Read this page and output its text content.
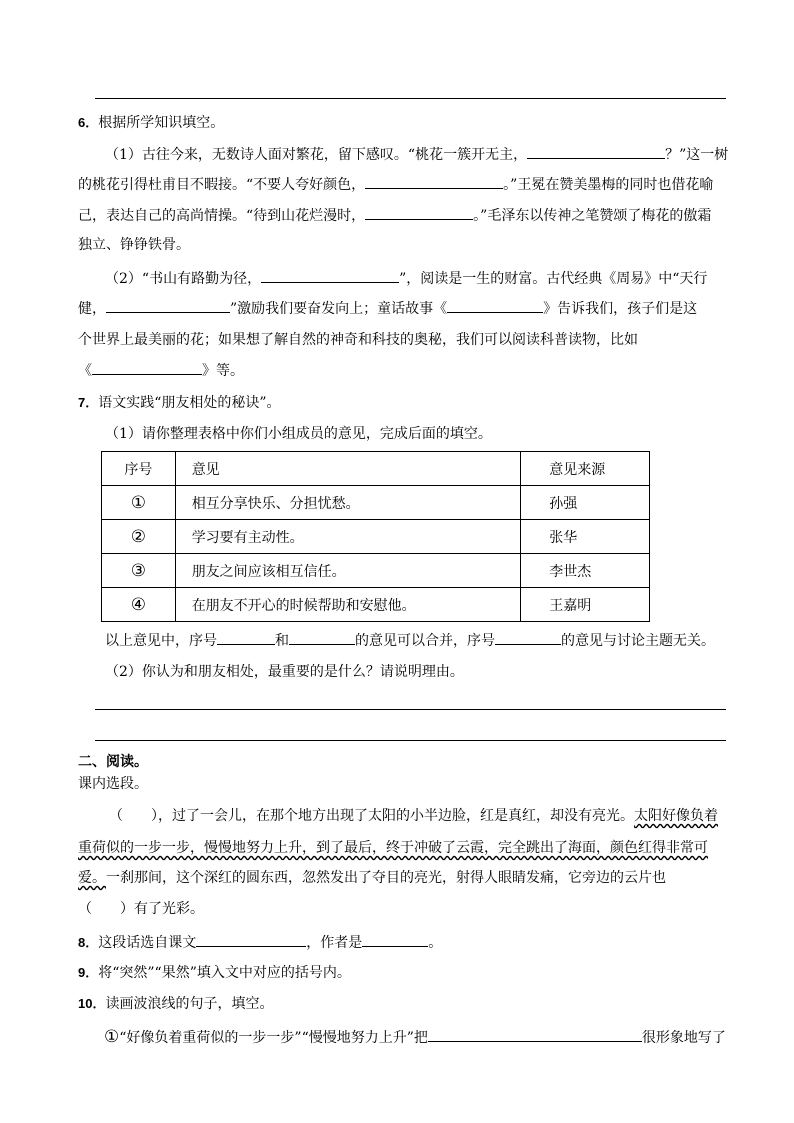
6．根据所学知识填空。
（1）古往今来，无数诗人面对繁花，留下感叹。“桃花一簇开无主，	？”这一树
的桃花引得杜甫目不暇接。“不要人夸好颜色，	。”王冕在赞美墨梅的同时也借花喻
己，表达自己的高尚情操。“待到山花烂漫时，	。”毛泽东以传神之笔赞颂了梅花的傲霜
独立、铮铮铁骨。
（2）“书山有路勤为径，	”，阅读是一生的财富。古代经典《周易》中“天行
健，	”激励我们要奋发向上；童话故事《	》告诉我们，孩子们是这
个世界上最美丽的花；如果想了解自然的神奇和科技的奥秘，我们可以阅读科普读物，比如
《	》等。
7．语文实践“朋友相处的秘诀”。
（1）请你整理表格中你们小组成员的意见，完成后面的填空。
序号	意见	意见来源
①	相互分享快乐、分担忧愁。	孙强
②	学习要有主动性。	张华
③	朋友之间应该相互信任。	李世杰
④	在朋友不开心的时候帮助和安慰他。	王嘉明
以上意见中，序号	和	的意见可以合并，序号	的意见与讨论主题无关。
（2）你认为和朋友相处，最重要的是什么？请说明理由。
二、阅读。
课内选段。
（　　），过了一会儿，在那个地方出现了太阳的小半边脸，红是真红，却没有亮光。太阳好像负着
重荷似的一步一步，慢慢地努力上升，到了最后，终于冲破了云霞，完全跳出了海面，颜色红得非常可
爱。一刹那间，这个深红的圆东西，忽然发出了夺目的亮光，射得人眼睛发痛，它旁边的云片也
（　　）有了光彩。
8．这段话选自课文	，作者是	。
9．将“突然”“果然”填入文中对应的括号内。
10．读画波浪线的句子，填空。
①“好像负着重荷似的一步一步”“慢慢地努力上升”把	很形象地写了
